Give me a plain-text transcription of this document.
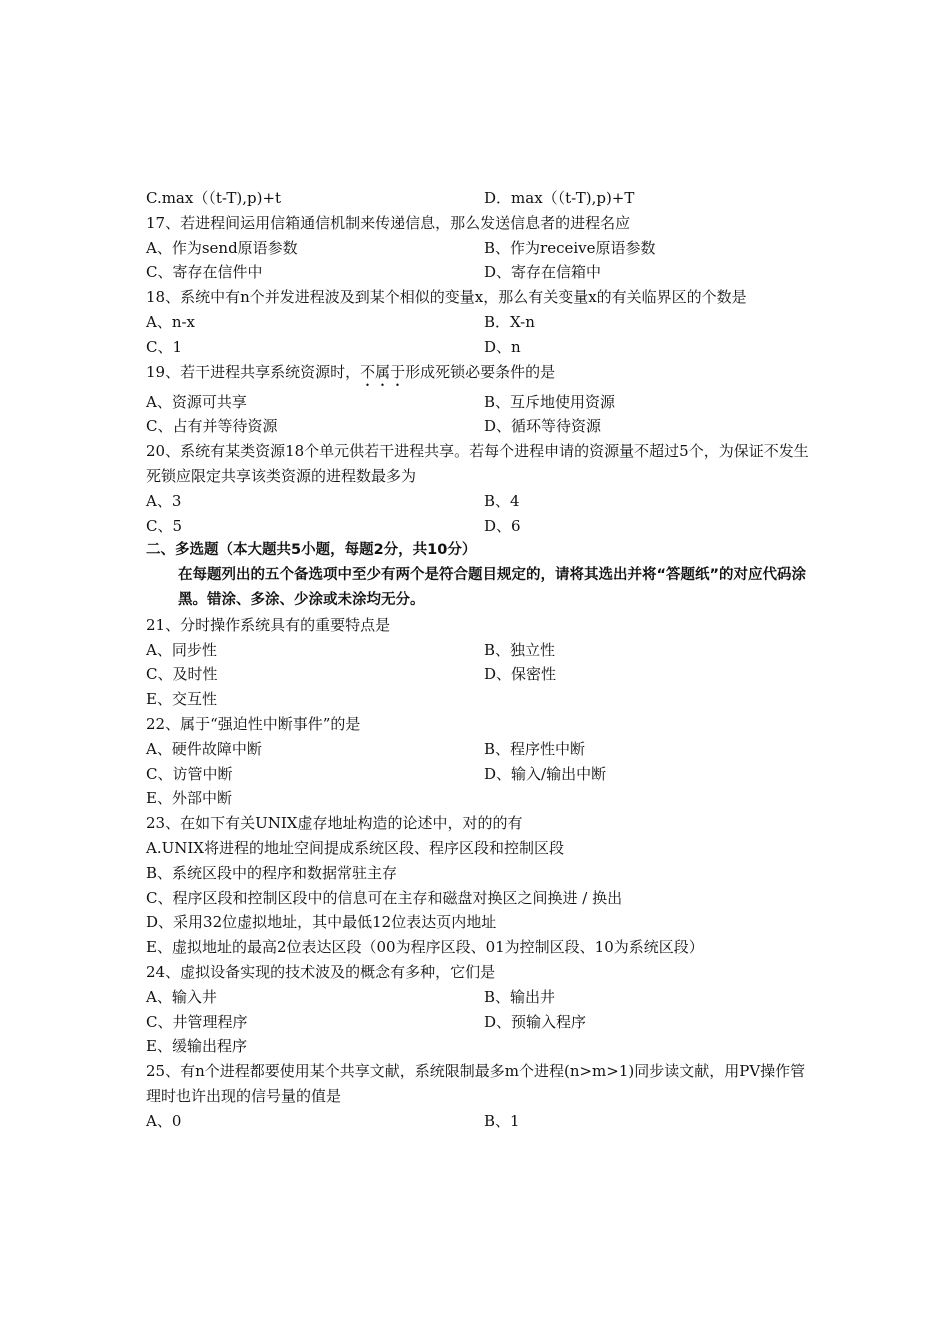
C.max（（t-T),p)+t	D．max（（t-T),p)+T
17、若进程间运用信箱通信机制来传递信息，那么发送信息者的进程名应
A、作为send原语参数	B、作为receive原语参数
C、寄存在信件中	D、寄存在信箱中
18、系统中有n个并发进程波及到某个相似的变量x，那么有关变量x的有关临界区的个数是
A、n-x	B．X-n
C、1	D、n
19、若干进程共享系统资源时，不属于形成死锁必要条件的是
A、资源可共享	B、互斥地使用资源
C、占有并等待资源	D、循环等待资源
20、系统有某类资源18个单元供若干进程共享。若每个进程申请的资源量不超过5个，为保证不发生死锁应限定共享该类资源的进程数最多为
A、3	B、4
C、5	D、6
二、多选题（本大题共5小题，每题2分，共10分）
在每题列出的五个备选项中至少有两个是符合题目规定的，请将其选出并将“答题纸”的对应代码涂黑。错涂、多涂、少涂或未涂均无分。
21、分时操作系统具有的重要特点是
A、同步性	B、独立性
C、及时性	D、保密性
E、交互性
22、属于“强迫性中断事件”的是
A、硬件故障中断	B、程序性中断
C、访管中断	D、输入/输出中断
E、外部中断
23、在如下有关UNIX虚存地址构造的论述中，对的的有
A.UNIX将进程的地址空间提成系统区段、程序区段和控制区段
B、系统区段中的程序和数据常驻主存
C、程序区段和控制区段中的信息可在主存和磁盘对换区之间换进 / 换出
D、采用32位虚拟地址，其中最低12位表达页内地址
E、虚拟地址的最高2位表达区段（00为程序区段、01为控制区段、10为系统区段）
24、虚拟设备实现的技术波及的概念有多种，它们是
A、输入井	B、输出井
C、井管理程序	D、预输入程序
E、缓输出程序
25、有n个进程都要使用某个共享文献，系统限制最多m个进程(n>m>1)同步读文献，用PV操作管理时也许出现的信号量的值是
A、0	B、1
